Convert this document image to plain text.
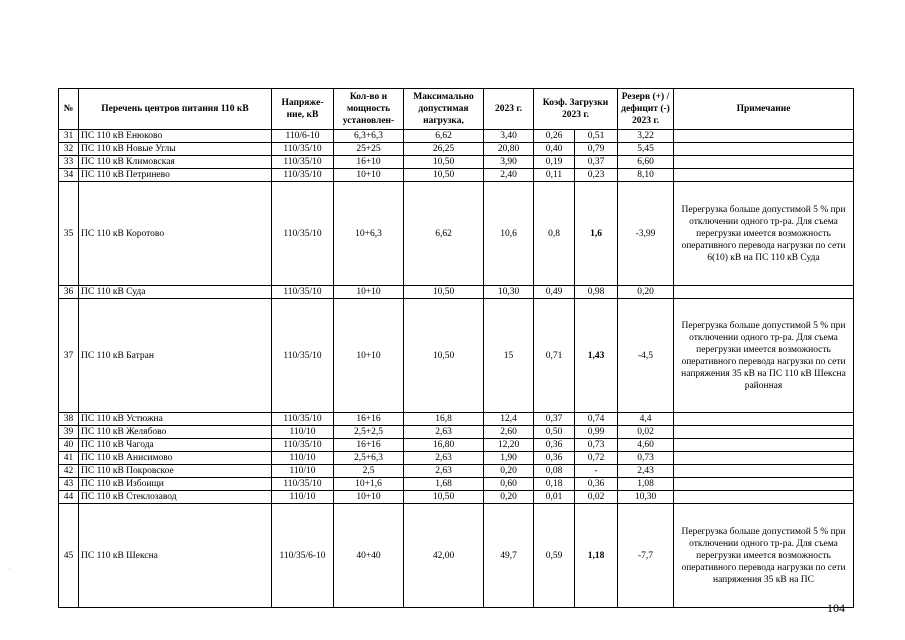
№	Перечень центров питания 110 кВ	Напряже-ние, кВ	Кол-во и мощность установлен-	Максимально допустимая нагрузка,	2023 г.	Коэф. Загрузки 2023 г.		Резерв (+) / дефицит (-) 2023 г.	Примечание
31	ПС 110 кВ Енюково	110/6-10	6,3+6,3	6,62	3,40	0,26	0,51	3,22	
32	ПС 110 кВ Новые Углы	110/35/10	25+25	26,25	20,80	0,40	0,79	5,45	
33	ПС 110 кВ Климовская	110/35/10	16+10	10,50	3,90	0,19	0,37	6,60	
34	ПС 110 кВ Петринево	110/35/10	10+10	10,50	2,40	0,11	0,23	8,10	
35	ПС 110 кВ Коротово	110/35/10	10+6,3	6,62	10,6	0,8	1,6	-3,99	Перегрузка больше допустимой 5 % при отключении одного тр-ра. Для съема перегрузки имеется возможность оперативного перевода нагрузки по сети 6(10) кВ на ПС 110 кВ Суда
36	ПС 110 кВ Суда	110/35/10	10+10	10,50	10,30	0,49	0,98	0,20	
37	ПС 110 кВ Батран	110/35/10	10+10	10,50	15	0,71	1,43	-4,5	Перегрузка больше допустимой 5 % при отключении одного тр-ра. Для съема перегрузки имеется возможность оперативного перевода нагрузки по сети напряжения 35 кВ на ПС 110 кВ Шексна районная
38	ПС 110 кВ Устюжна	110/35/10	16+16	16,8	12,4	0,37	0,74	4,4	
39	ПС 110 кВ Желябово	110/10	2,5+2,5	2,63	2,60	0,50	0,99	0,02	
40	ПС 110 кВ Чагода	110/35/10	16+16	16,80	12,20	0,36	0,73	4,60	
41	ПС 110 кВ Анисимово	110/10	2,5+6,3	2,63	1,90	0,36	0,72	0,73	
42	ПС 110 кВ Покровское	110/10	2,5	2,63	0,20	0,08	-	2,43	
43	ПС 110 кВ Избоищи	110/35/10	10+1,6	1,68	0,60	0,18	0,36	1,08	
44	ПС 110 кВ Стеклозавод	110/10	10+10	10,50	0,20	0,01	0,02	10,30	
45	ПС 110 кВ Шексна	110/35/6-10	40+40	42,00	49,7	0,59	1,18	-7,7	Перегрузка больше допустимой 5 % при отключении одного тр-ра. Для съема перегрузки имеется возможность оперативного перевода нагрузки по сети напряжения 35 кВ на ПС
104
·
